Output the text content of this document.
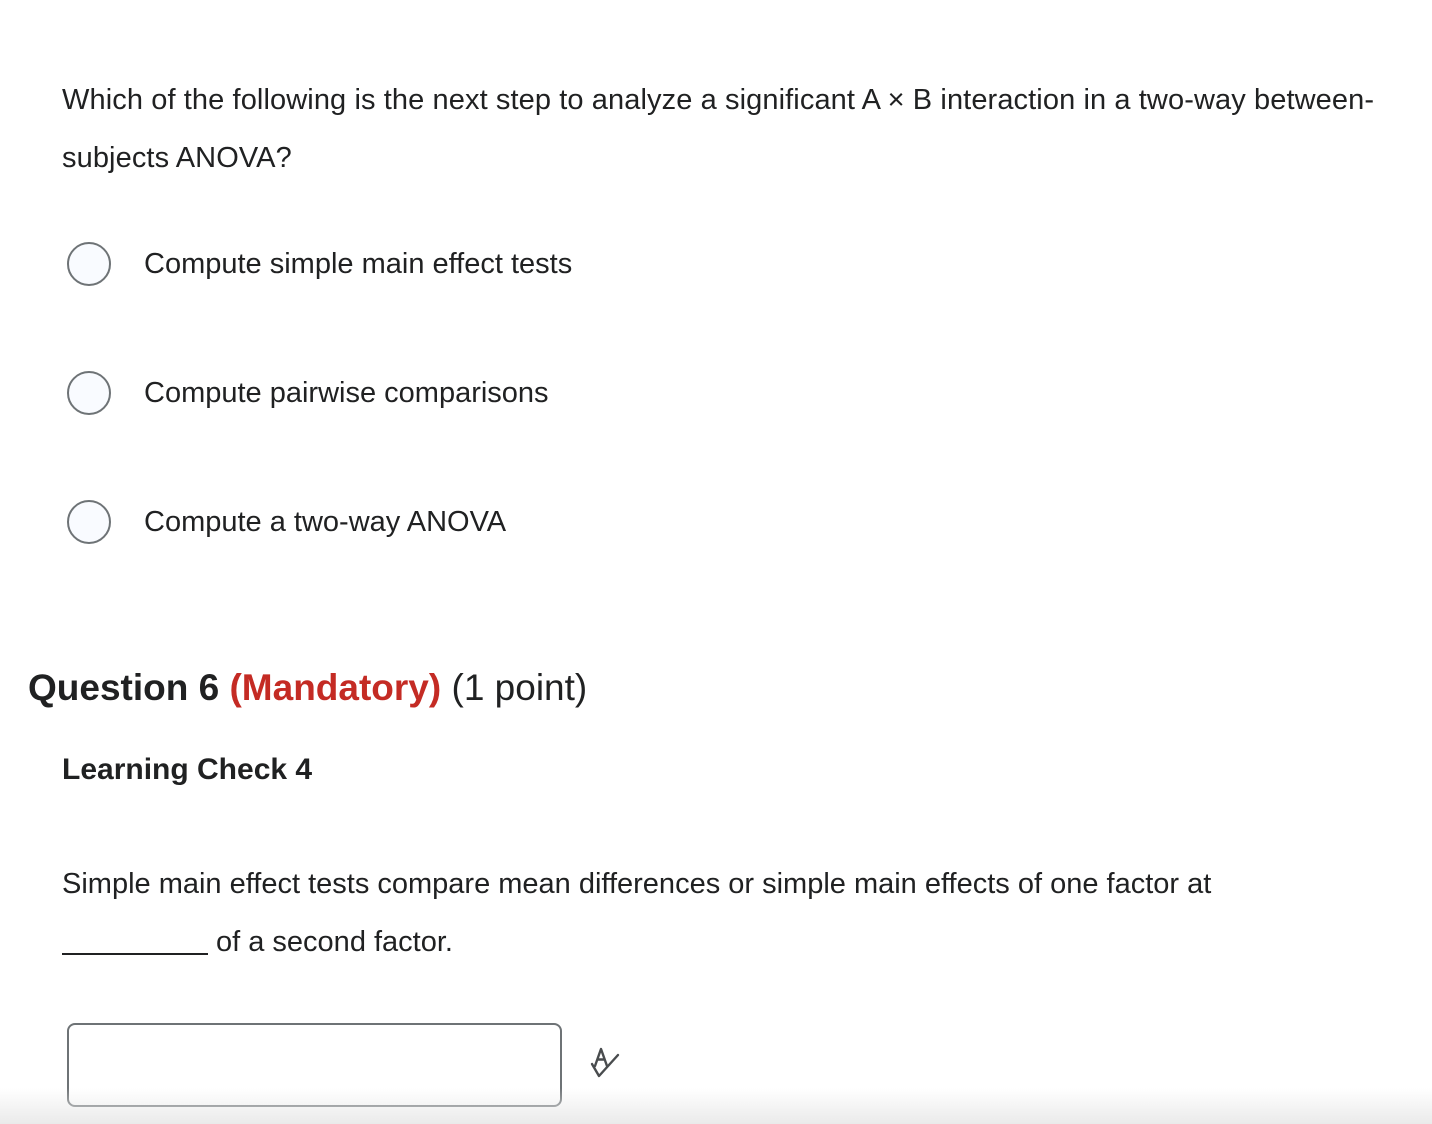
Which of the following is the next step to analyze a significant A × B interaction in a two-way between-subjects ANOVA?
Compute simple main effect tests
Compute pairwise comparisons
Compute a two-way ANOVA
Question 6 (Mandatory) (1 point)
Learning Check 4
Simple main effect tests compare mean differences or simple main effects of one factor at
of a second factor.
